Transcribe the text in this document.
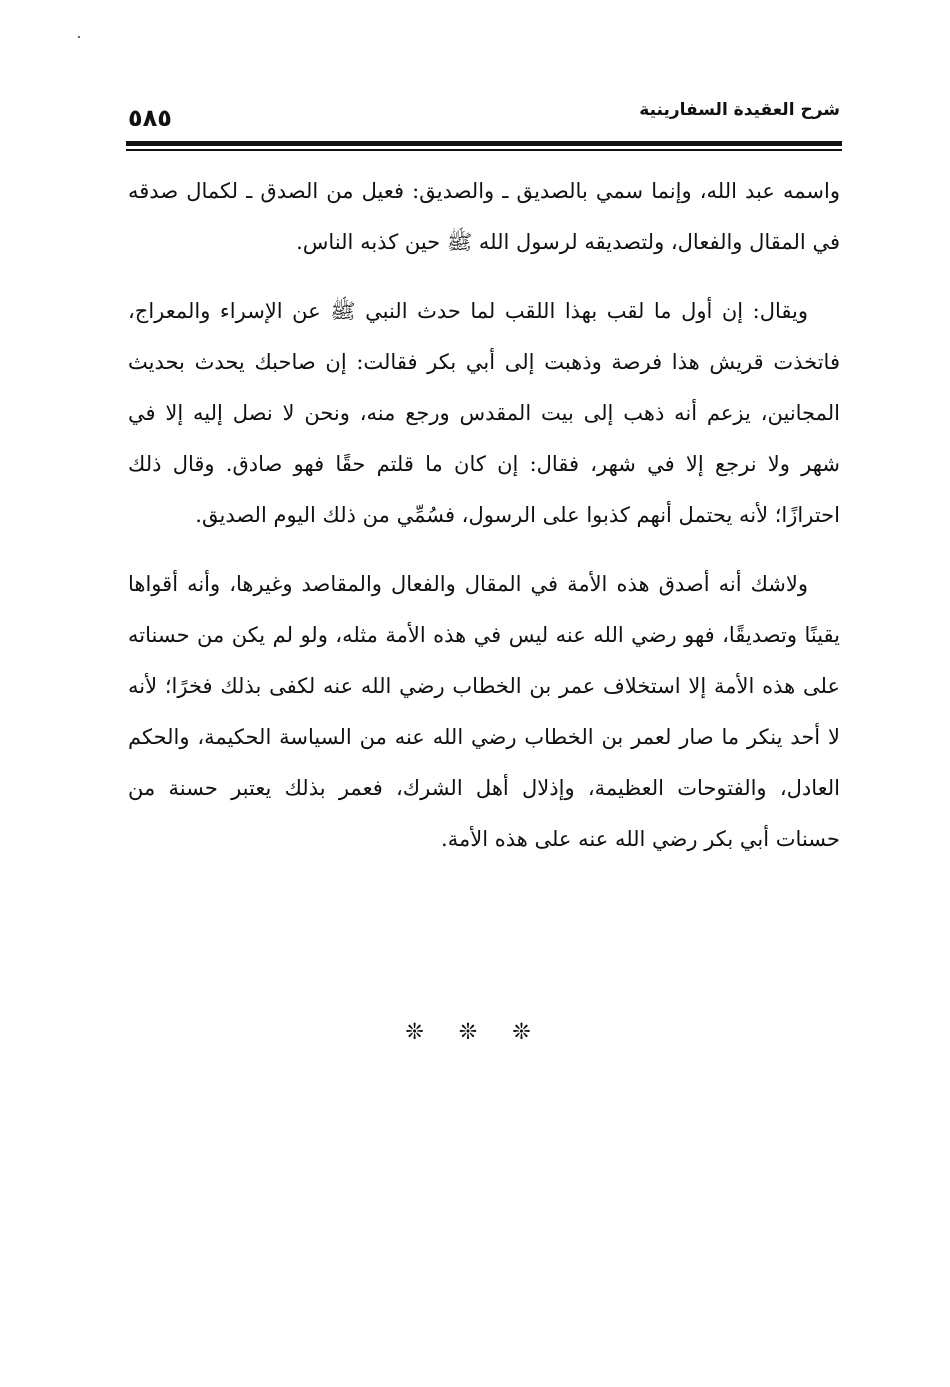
شرح العقيدة السفارينية
٥٨٥

واسمه عبد الله، وإنما سمي بالصديق ـ والصديق: فعيل من الصدق ـ لكمال صدقه في المقال والفعال، ولتصديقه لرسول الله ﷺ حين كذبه الناس.

ويقال: إن أول ما لقب بهذا اللقب لما حدث النبي ﷺ عن الإسراء والمعراج، فاتخذت قريش هذا فرصة وذهبت إلى أبي بكر فقالت: إن صاحبك يحدث بحديث المجانين، يزعم أنه ذهب إلى بيت المقدس ورجع منه، ونحن لا نصل إليه إلا في شهر ولا نرجع إلا في شهر، فقال: إن كان ما قلتم حقًا فهو صادق. وقال ذلك احترازًا؛ لأنه يحتمل أنهم كذبوا على الرسول، فسُمِّي من ذلك اليوم الصديق.

ولاشك أنه أصدق هذه الأمة في المقال والفعال والمقاصد وغيرها، وأنه أقواها يقينًا وتصديقًا، فهو رضي الله عنه ليس في هذه الأمة مثله، ولو لم يكن من حسناته على هذه الأمة إلا استخلاف عمر بن الخطاب رضي الله عنه لكفى بذلك فخرًا؛ لأنه لا أحد ينكر ما صار لعمر بن الخطاب رضي الله عنه من السياسة الحكيمة، والحكم العادل، والفتوحات العظيمة، وإذلال أهل الشرك، فعمر بذلك يعتبر حسنة من حسنات أبي بكر رضي الله عنه على هذه الأمة.

❊ ❊ ❊
